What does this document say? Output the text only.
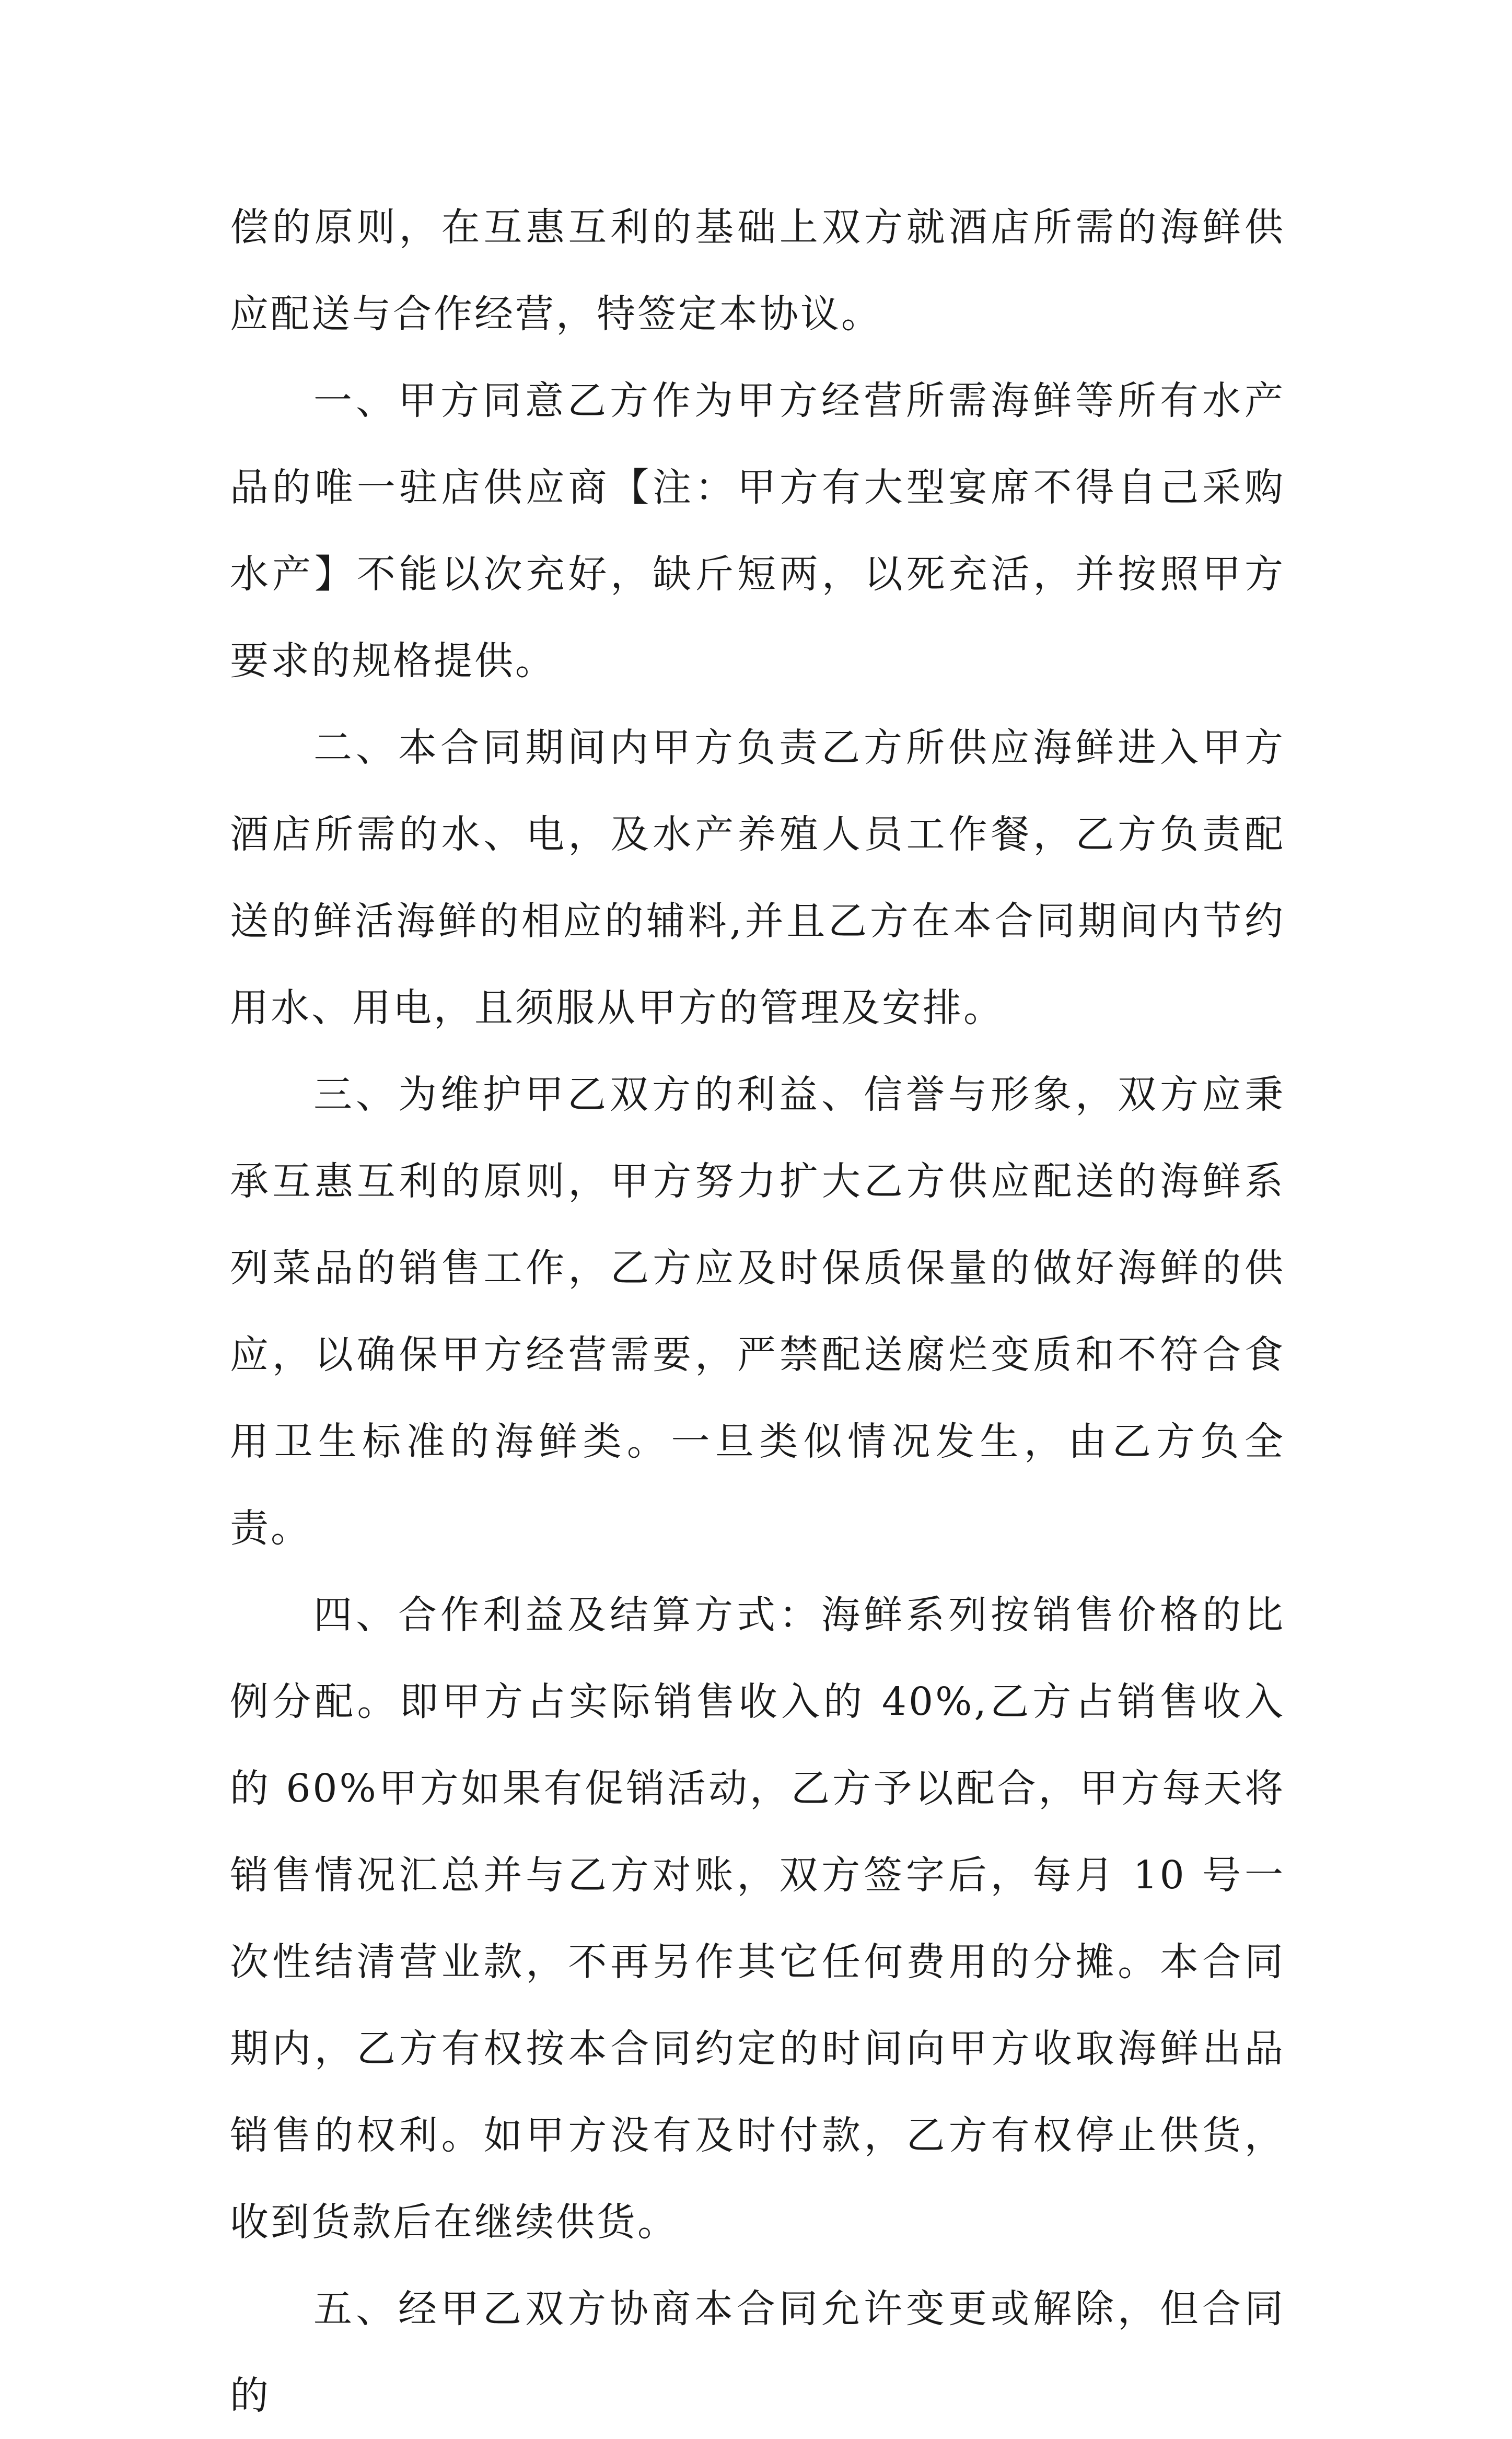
偿的原则，在互惠互利的基础上双方就酒店所需的海鲜供应配送与合作经营，特签定本协议。

一、甲方同意乙方作为甲方经营所需海鲜等所有水产品的唯一驻店供应商【注：甲方有大型宴席不得自己采购水产】不能以次充好，缺斤短两，以死充活，并按照甲方要求的规格提供。

二、本合同期间内甲方负责乙方所供应海鲜进入甲方酒店所需的水、电，及水产养殖人员工作餐，乙方负责配送的鲜活海鲜的相应的辅料,并且乙方在本合同期间内节约用水、用电，且须服从甲方的管理及安排。

三、为维护甲乙双方的利益、信誉与形象，双方应秉承互惠互利的原则，甲方努力扩大乙方供应配送的海鲜系列菜品的销售工作，乙方应及时保质保量的做好海鲜的供应，以确保甲方经营需要，严禁配送腐烂变质和不符合食用卫生标准的海鲜类。一旦类似情况发生，由乙方负全责。

四、合作利益及结算方式：海鲜系列按销售价格的比例分配。即甲方占实际销售收入的 40%,乙方占销售收入的 60%甲方如果有促销活动，乙方予以配合，甲方每天将销售情况汇总并与乙方对账，双方签字后，每月 10 号一次性结清营业款，不再另作其它任何费用的分摊。本合同期内，乙方有权按本合同约定的时间向甲方收取海鲜出品销售的权利。如甲方没有及时付款，乙方有权停止供货，收到货款后在继续供货。

五、经甲乙双方协商本合同允许变更或解除，但合同的
